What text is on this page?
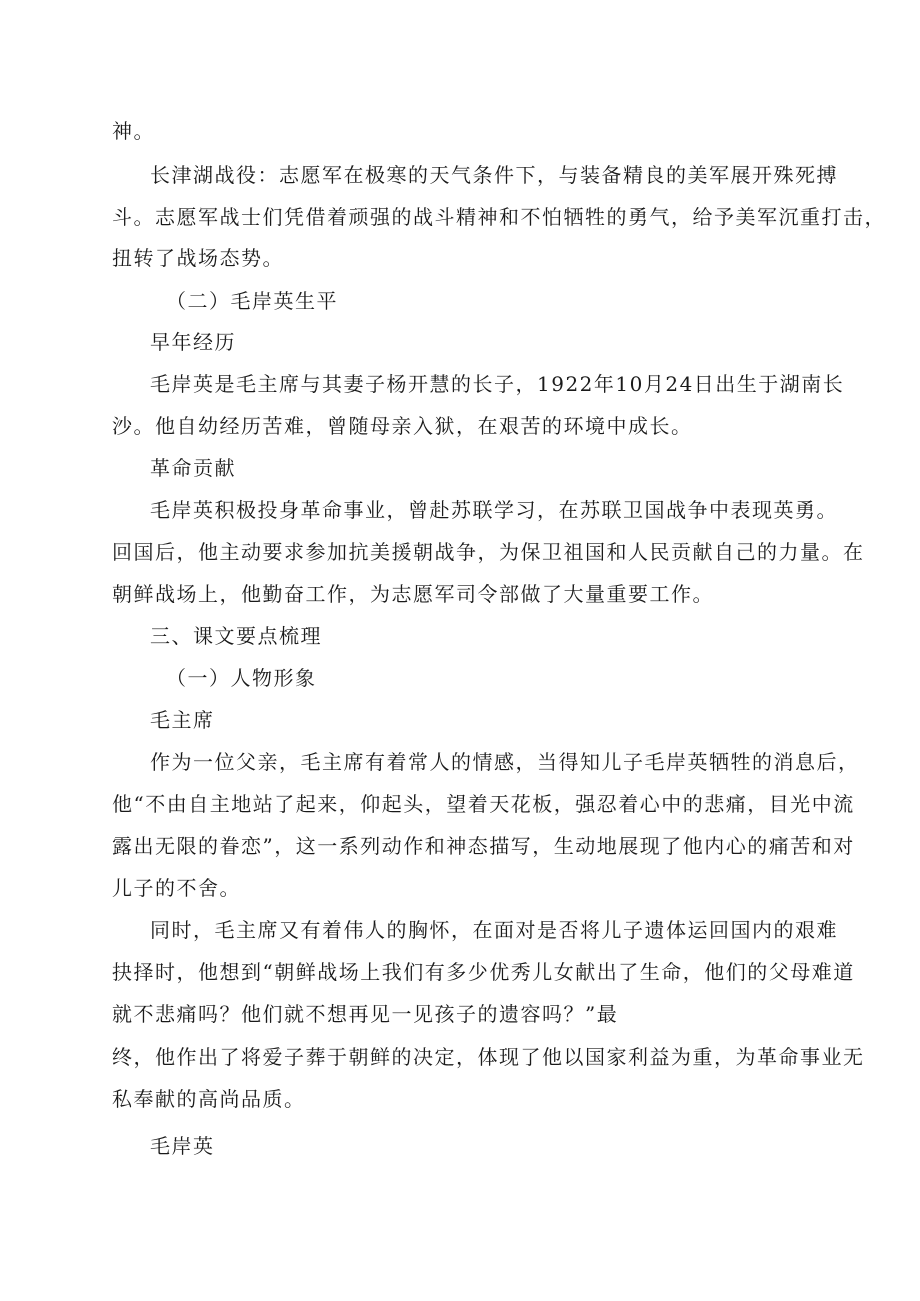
神。
长津湖战役：志愿军在极寒的天气条件下，与装备精良的美军展开殊死搏
斗。志愿军战士们凭借着顽强的战斗精神和不怕牺牲的勇气，给予美军沉重打击，
扭转了战场态势。
（二）毛岸英生平
早年经历
毛岸英是毛主席与其妻子杨开慧的长子，1922年10月24日出生于湖南长
沙。他自幼经历苦难，曾随母亲入狱，在艰苦的环境中成长。
革命贡献
毛岸英积极投身革命事业，曾赴苏联学习，在苏联卫国战争中表现英勇。
回国后，他主动要求参加抗美援朝战争，为保卫祖国和人民贡献自己的力量。在
朝鲜战场上，他勤奋工作，为志愿军司令部做了大量重要工作。
三、课文要点梳理
（一）人物形象
毛主席
作为一位父亲，毛主席有着常人的情感，当得知儿子毛岸英牺牲的消息后，
他“不由自主地站了起来，仰起头，望着天花板，强忍着心中的悲痛，目光中流
露出无限的眷恋”，这一系列动作和神态描写，生动地展现了他内心的痛苦和对
儿子的不舍。
同时，毛主席又有着伟人的胸怀，在面对是否将儿子遗体运回国内的艰难
抉择时，他想到“朝鲜战场上我们有多少优秀儿女献出了生命，他们的父母难道
就不悲痛吗？他们就不想再见一见孩子的遗容吗？”最
终，他作出了将爱子葬于朝鲜的决定，体现了他以国家利益为重，为革命事业无
私奉献的高尚品质。
毛岸英
